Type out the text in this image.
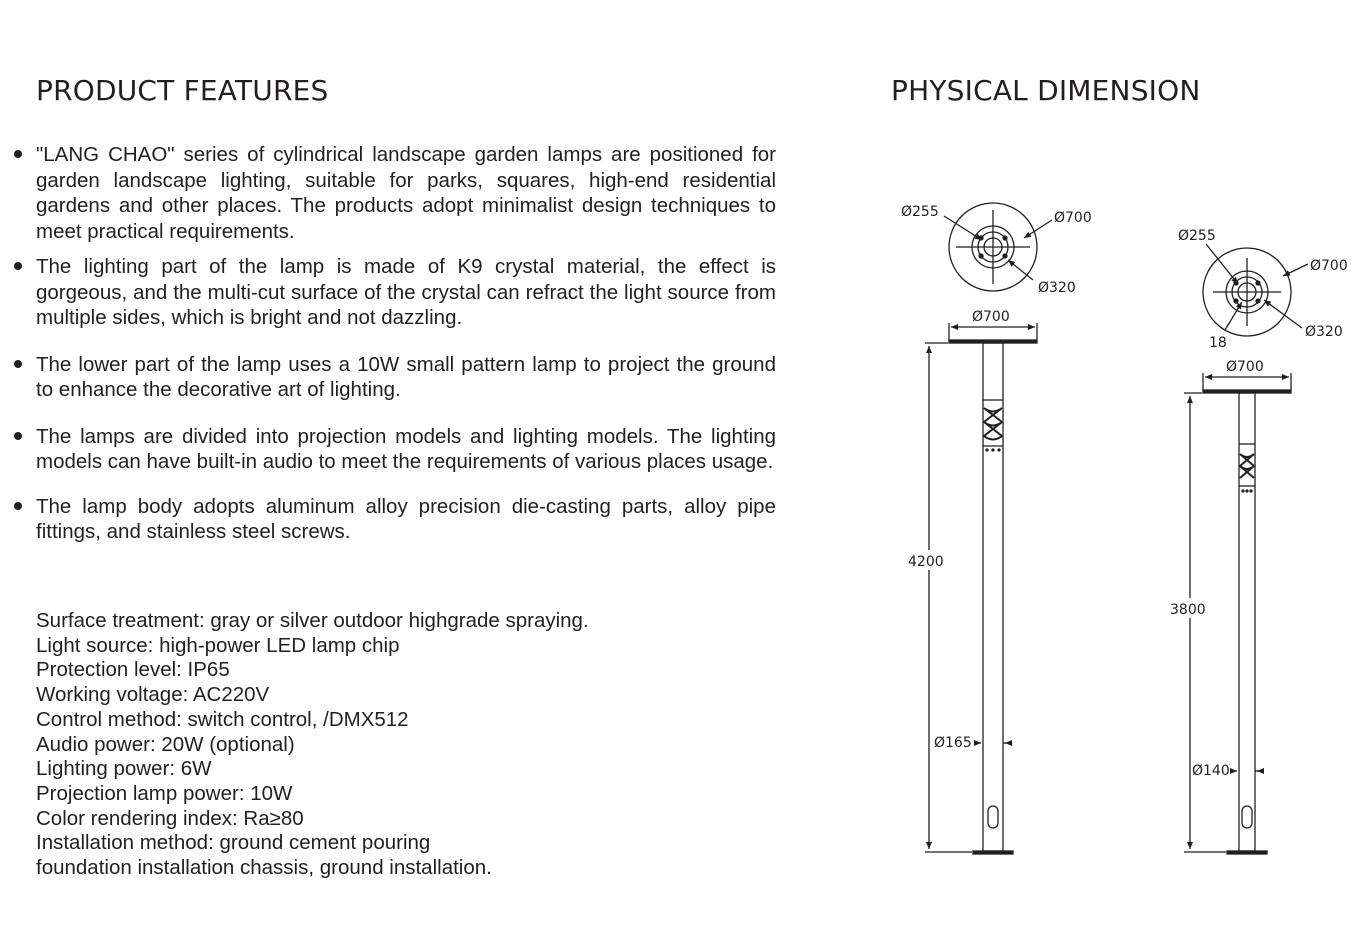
PRODUCT FEATURES	PHYSICAL DIMENSION
"LANG CHAO" series of cylindrical landscape garden lamps are positioned for garden landscape lighting, suitable for parks, squares, high-end residential gardens and other places. The products adopt minimalist design techniques to meet practical requirements.
The lighting part of the lamp is made of K9 crystal material, the effect is gorgeous, and the multi-cut surface of the crystal can refract the light source from multiple sides, which is bright and not dazzling.
The lower part of the lamp uses a 10W small pattern lamp to project the ground to enhance the decorative art of lighting.
The lamps are divided into projection models and lighting models. The lighting models can have built-in audio to meet the requirements of various places usage.
The lamp body adopts aluminum alloy precision die-casting parts, alloy pipe fittings, and stainless steel screws.
Surface treatment: gray or silver outdoor highgrade spraying.
Light source: high-power LED lamp chip
Protection level: IP65
Working voltage: AC220V
Control method: switch control, /DMX512
Audio power: 20W (optional)
Lighting power: 6W
Projection lamp power: 10W
Color rendering index: Ra≥80
Installation method: ground cement pouring
foundation installation chassis, ground installation.
Ø255	Ø700
Ø320
Ø700
4200
Ø165
Ø255
Ø700
Ø320
18
Ø700
3800
Ø140
